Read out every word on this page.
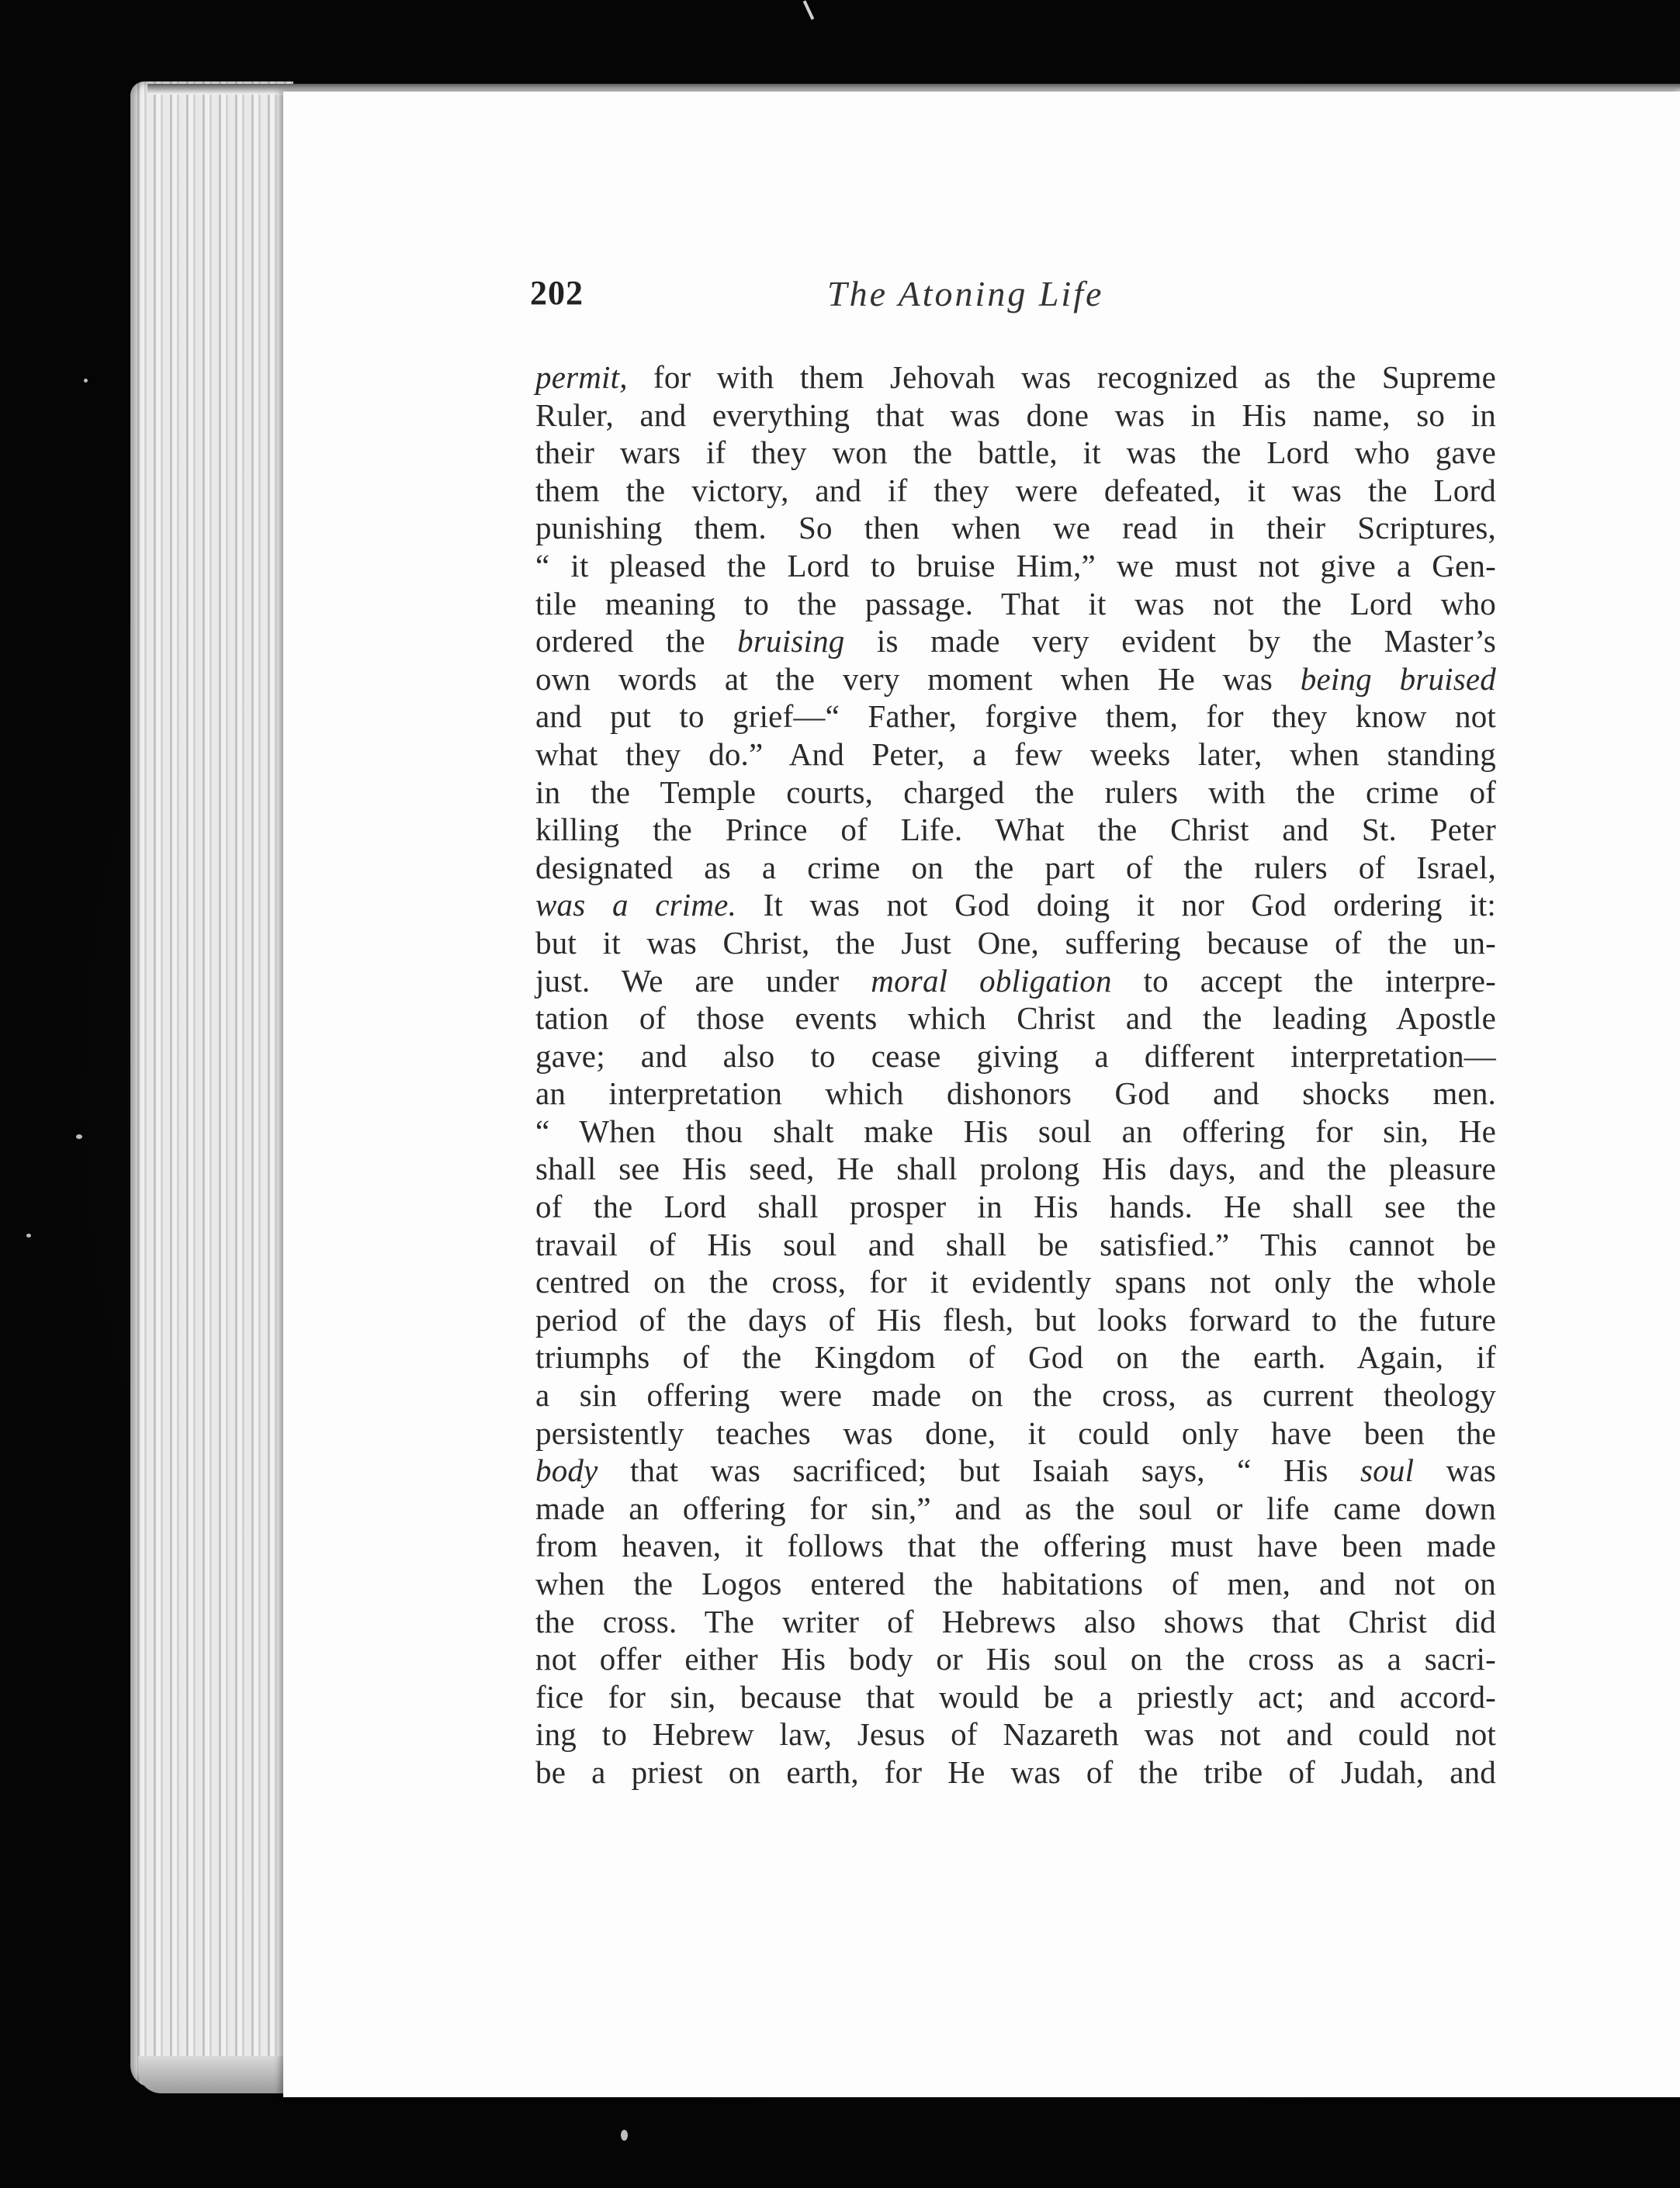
202	The Atoning Life
permit, for with them Jehovah was recognized as the Supreme
Ruler, and everything that was done was in His name, so in
their wars if they won the battle, it was the Lord who gave
them the victory, and if they were defeated, it was the Lord
punishing them. So then when we read in their Scriptures,
“ it pleased the Lord to bruise Him,” we must not give a Gen-
tile meaning to the passage. That it was not the Lord who
ordered the bruising is made very evident by the Master’s
own words at the very moment when He was being bruised
and put to grief—“ Father, forgive them, for they know not
what they do.” And Peter, a few weeks later, when standing
in the Temple courts, charged the rulers with the crime of
killing the Prince of Life. What the Christ and St. Peter
designated as a crime on the part of the rulers of Israel,
was a crime. It was not God doing it nor God ordering it:
but it was Christ, the Just One, suffering because of the un-
just. We are under moral obligation to accept the interpre-
tation of those events which Christ and the leading Apostle
gave; and also to cease giving a different interpretation—
an interpretation which dishonors God and shocks men.
“ When thou shalt make His soul an offering for sin, He
shall see His seed, He shall prolong His days, and the pleasure
of the Lord shall prosper in His hands. He shall see the
travail of His soul and shall be satisfied.” This cannot be
centred on the cross, for it evidently spans not only the whole
period of the days of His flesh, but looks forward to the future
triumphs of the Kingdom of God on the earth. Again, if
a sin offering were made on the cross, as current theology
persistently teaches was done, it could only have been the
body that was sacrificed; but Isaiah says, “ His soul was
made an offering for sin,” and as the soul or life came down
from heaven, it follows that the offering must have been made
when the Logos entered the habitations of men, and not on
the cross. The writer of Hebrews also shows that Christ did
not offer either His body or His soul on the cross as a sacri-
fice for sin, because that would be a priestly act; and accord-
ing to Hebrew law, Jesus of Nazareth was not and could not
be a priest on earth, for He was of the tribe of Judah, and
